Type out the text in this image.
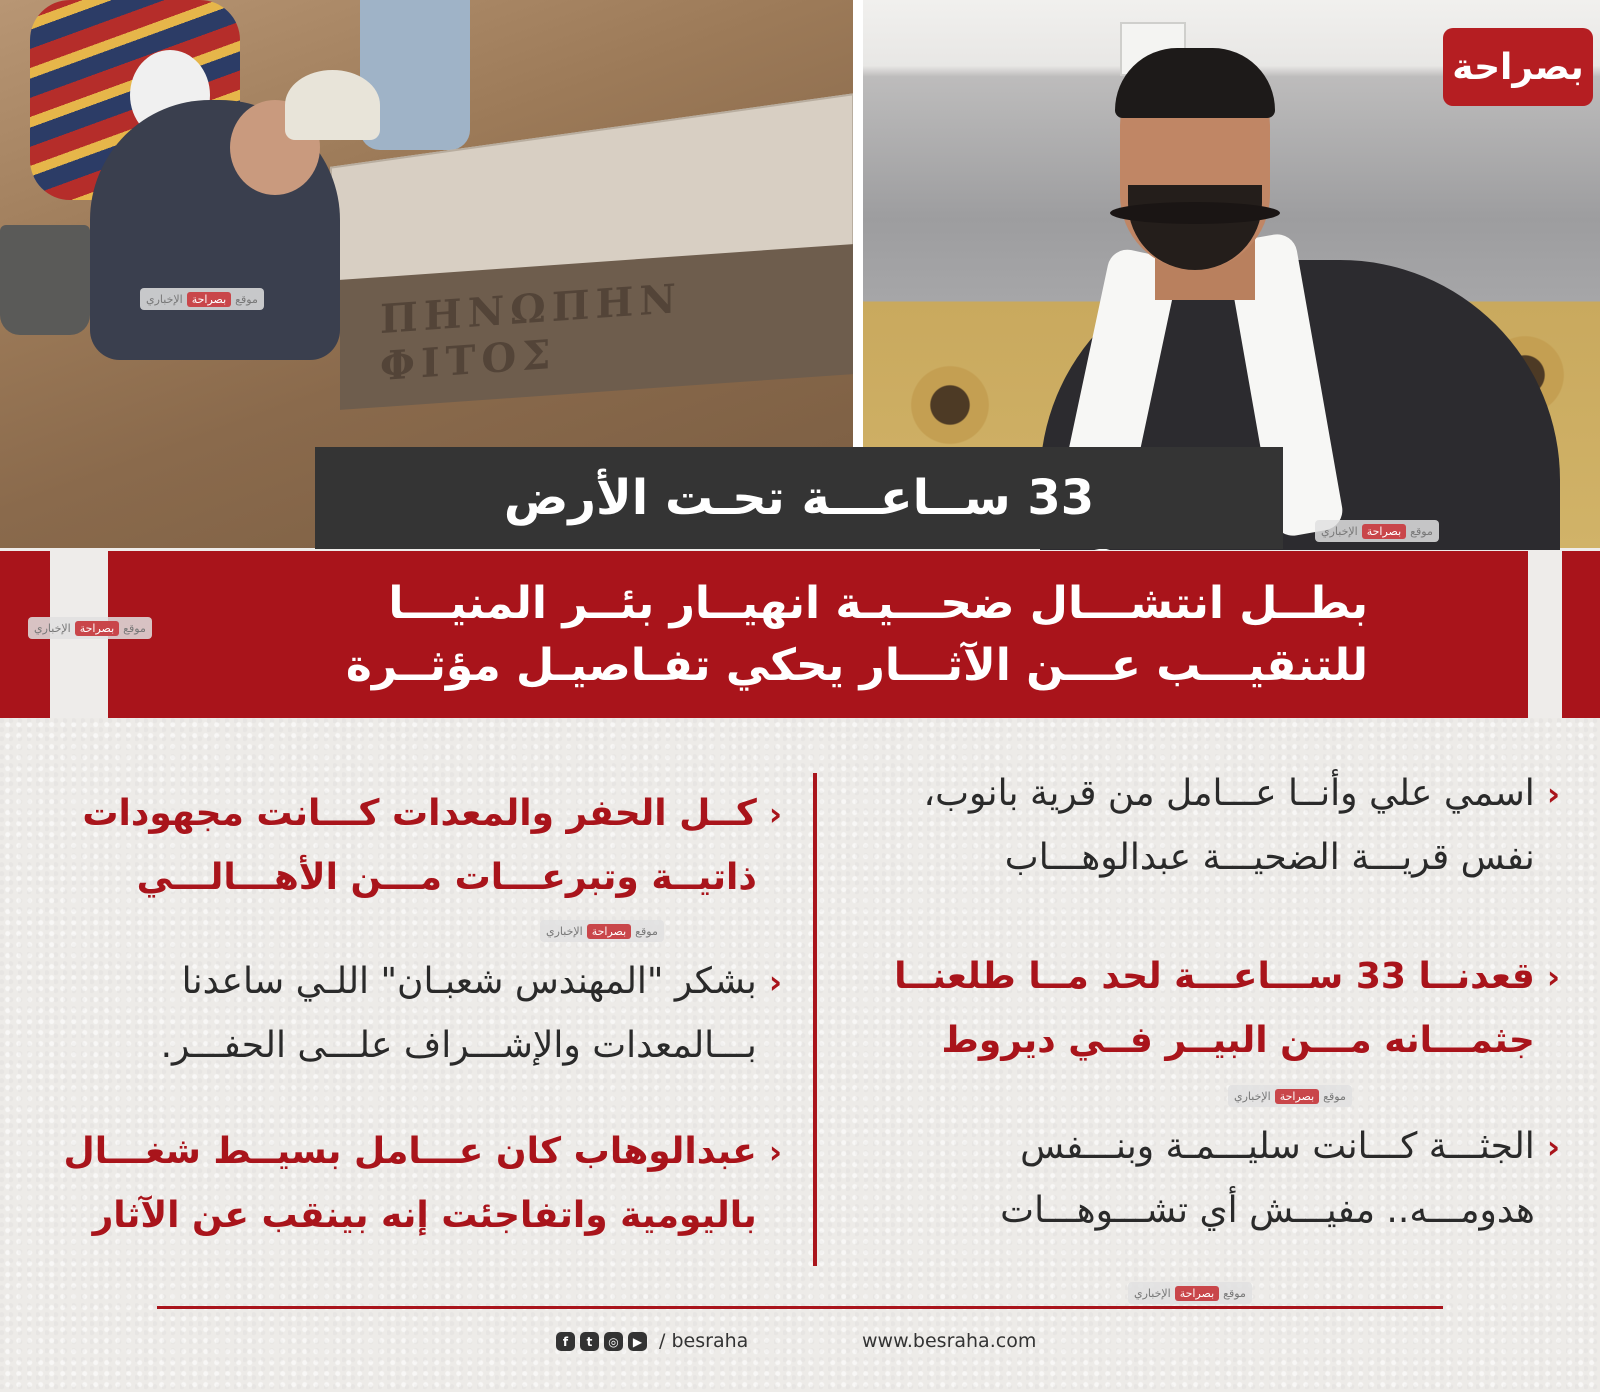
ΠΗΝΩΠΗΝ
ΦΙΤΟΣ
موقع
بصراحة
الإخباري
موقع
بصراحة
الإخباري
بصراحة
33 ســاعـــة تحـت الأرض
بطــل انتشـــال ضحـــيـة انهيــار بئــر المنيـــا
للتنقيـــب عـــن الآثـــار يحكي تفـاصيـل مؤثــرة
موقع
بصراحة
الإخباري
‹
اسمي علي وأنــا عـــامل من قرية بانوب،
نفس قريـــة الضحيـــة عبدالوهـــاب
‹
قعدنــا 33 ســـاعـــة لحد مــا طلعنــا
جثمـــانه مـــن البيــر فــي ديروط
‹
الجثـــة كـــانت سليـــمـة وبنـــفس
هدومـــه.. مفيـــش أي تشـــوهـــات
‹
كــل الحفر والمعدات كـــانت مجهودات
ذاتيــة وتبرعـــات مـــن الأهـــالـــي
‹
بشكر "المهندس شعبـان" اللـي ساعدنا
بـــالمعدات والإشـــراف علـــى الحفـــر.
‹
عبدالوهاب كان عـــامل بسيــط شغـــال
باليومية واتفاجئت إنه بينقب عن الآثار
موقع
بصراحة
الإخباري
موقع
بصراحة
الإخباري
موقع
بصراحة
الإخباري
f	t	◎	▶ / besraha	www.besraha.com
